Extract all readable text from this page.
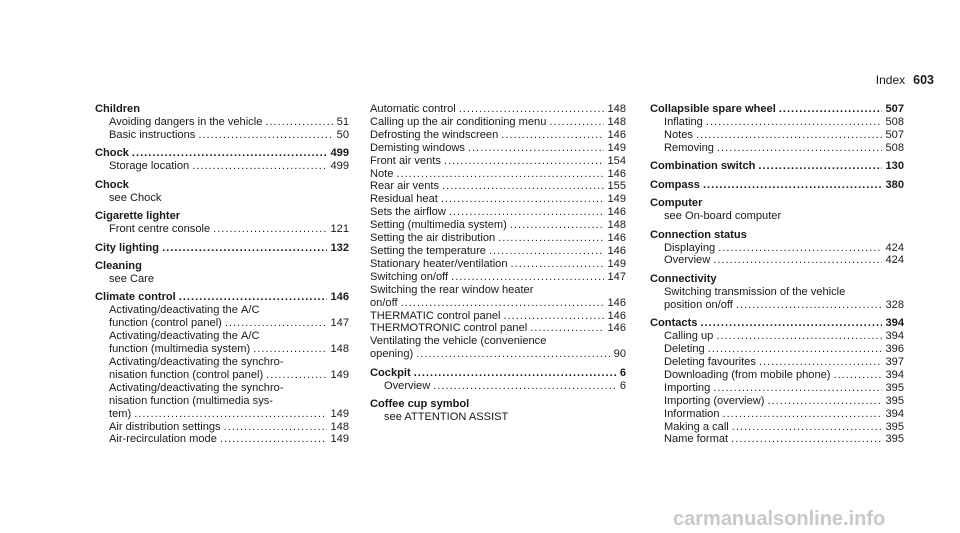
Index 603
Children
Avoiding dangers in the vehicle .....	51
Basic instructions .....	50
Chock .....	499
Storage location .....	499
Chock
see Chock
Cigarette lighter
Front centre console .....	121
City lighting .....	132
Cleaning
see Care
Climate control .....	146
Activating/deactivating the A/C
function (control panel) .....	147
Activating/deactivating the A/C
function (multimedia system) .....	148
Activating/deactivating the synchro-
nisation function (control panel) .....	149
Activating/deactivating the synchro-
nisation function (multimedia sys-
tem) .....	149
Air distribution settings .....	148
Air-recirculation mode .....	149
Automatic control .....	148
Calling up the air conditioning menu .....	148
Defrosting the windscreen .....	146
Demisting windows .....	149
Front air vents .....	154
Note .....	146
Rear air vents .....	155
Residual heat .....	149
Sets the airflow .....	146
Setting (multimedia system) .....	148
Setting the air distribution .....	146
Setting the temperature .....	146
Stationary heater/ventilation .....	149
Switching on/off .....	147
Switching the rear window heater
on/off .....	146
THERMATIC control panel .....	146
THERMOTRONIC control panel .....	146
Ventilating the vehicle (convenience
opening) .....	90
Cockpit .....	6
Overview .....	6
Coffee cup symbol
see ATTENTION ASSIST
Collapsible spare wheel .....	507
Inflating .....	508
Notes .....	507
Removing .....	508
Combination switch .....	130
Compass .....	380
Computer
see On-board computer
Connection status
Displaying .....	424
Overview .....	424
Connectivity
Switching transmission of the vehicle
position on/off .....	328
Contacts .....	394
Calling up .....	394
Deleting .....	396
Deleting favourites .....	397
Downloading (from mobile phone) .....	394
Importing .....	395
Importing (overview) .....	395
Information .....	394
Making a call .....	395
Name format .....	395
carmanualsonline.info
